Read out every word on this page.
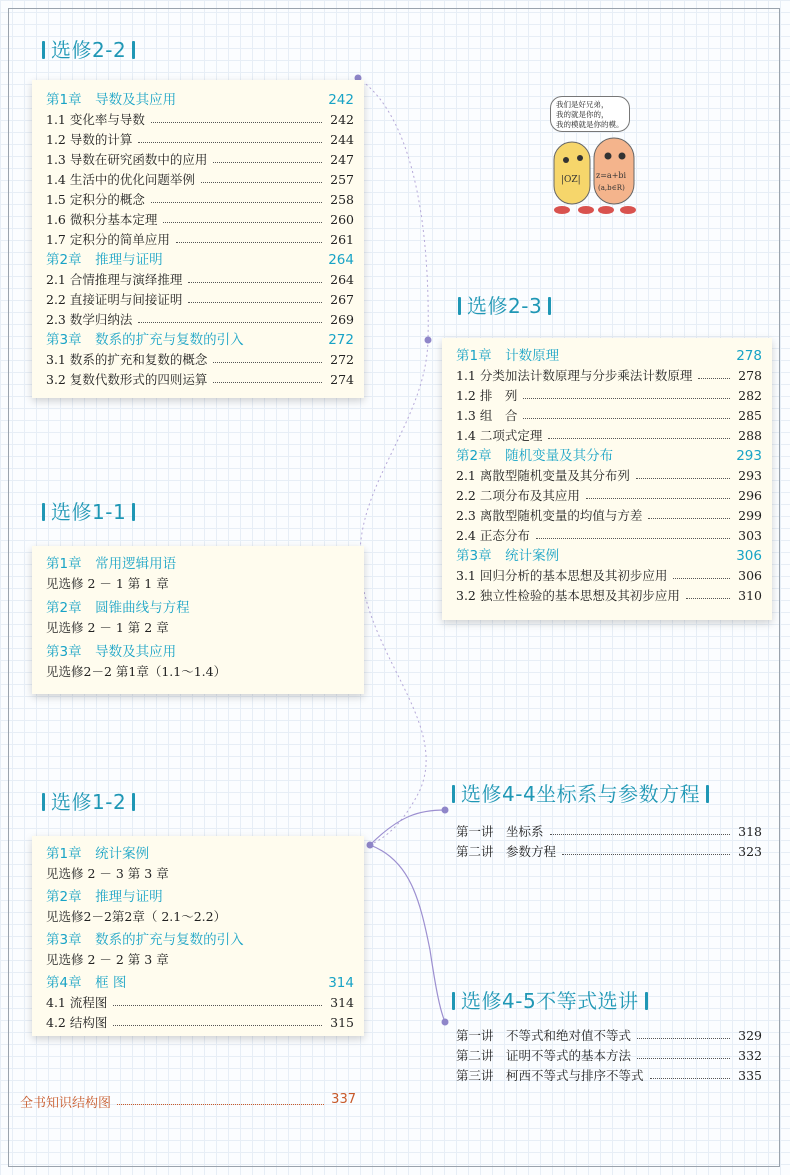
选修2-2
第1章　导数及其应用	242
1.1 变化率与导数	242
1.2 导数的计算	244
1.3 导数在研究函数中的应用	247
1.4 生活中的优化问题举例	257
1.5 定积分的概念	258
1.6 微积分基本定理	260
1.7 定积分的简单应用	261
第2章　推理与证明	264
2.1 合情推理与演绎推理	264
2.2 直接证明与间接证明	267
2.3 数学归纳法	269
第3章　数系的扩充与复数的引入	272
3.1 数系的扩充和复数的概念	272
3.2 复数代数形式的四则运算	274
选修1-1
第1章　常用逻辑用语
见选修 2 － 1 第 1 章
第2章　圆锥曲线与方程
见选修 2 － 1 第 2 章
第3章　导数及其应用
见选修2－2 第1章（1.1～1.4）
选修1-2
第1章　统计案例
见选修 2 － 3 第 3 章
第2章　推理与证明
见选修2－2第2章（ 2.1～2.2）
第3章　数系的扩充与复数的引入
见选修 2 － 2 第 3 章
第4章　框 图	314
4.1 流程图	314
4.2 结构图	315
全书知识结构图	337
我们是好兄弟，
我的就是你的，
我的模就是你的模。
|OZ| z=a+bi
(a,b∈R)
选修2-3
第1章　计数原理	278
1.1 分类加法计数原理与分步乘法计数原理	278
1.2 排　列	282
1.3 组　合	285
1.4 二项式定理	288
第2章　随机变量及其分布	293
2.1 离散型随机变量及其分布列	293
2.2 二项分布及其应用	296
2.3 离散型随机变量的均值与方差	299
2.4 正态分布	303
第3章　统计案例	306
3.1 回归分析的基本思想及其初步应用	306
3.2 独立性检验的基本思想及其初步应用	310
选修4-4坐标系与参数方程
第一讲　坐标系	318
第二讲　参数方程	323
选修4-5不等式选讲
第一讲　不等式和绝对值不等式	329
第二讲　证明不等式的基本方法	332
第三讲　柯西不等式与排序不等式	335
